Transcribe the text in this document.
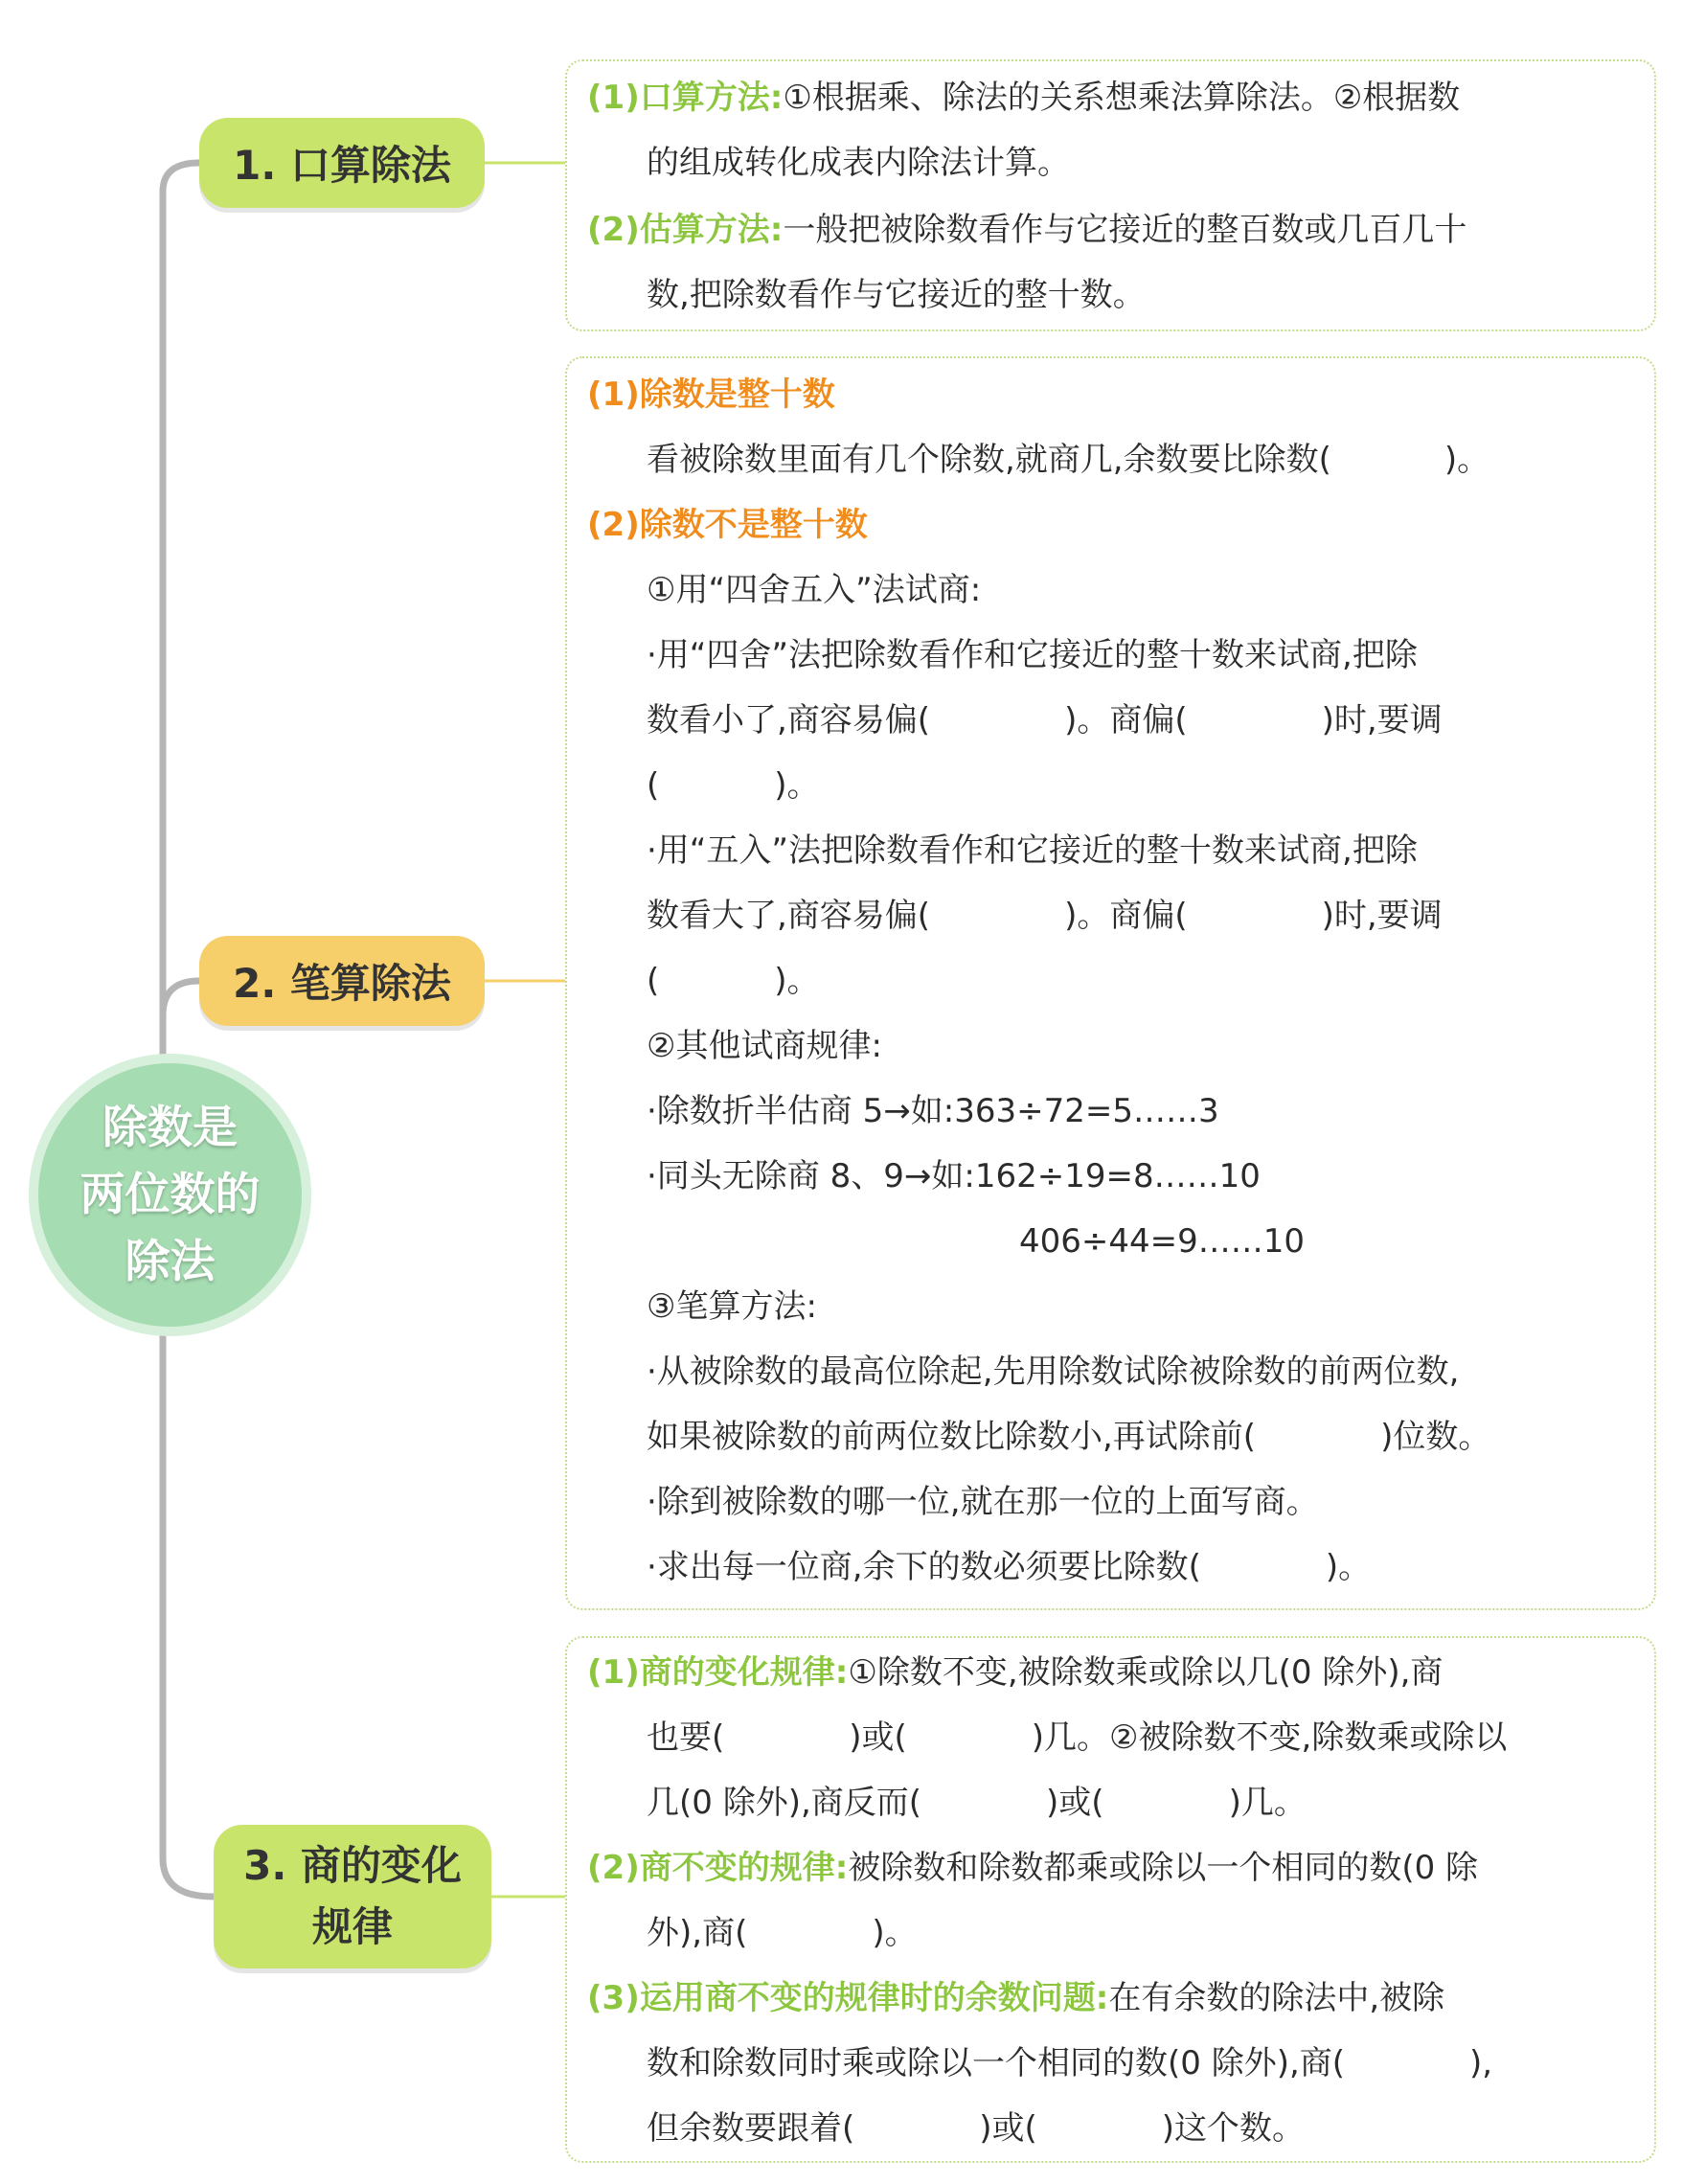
除数是
两位数的
除法
1. 口算除法
2. 笔算除法
3. 商的变化
规律
(1)口算方法:①根据乘、除法的关系想乘法算除法。②根据数
的组成转化成表内除法计算。
(2)估算方法:一般把被除数看作与它接近的整百数或几百几十
数,把除数看作与它接近的整十数。
(1)除数是整十数
看被除数里面有几个除数,就商几,余数要比除数(	)。
(2)除数不是整十数
①用“四舍五入”法试商:
·用“四舍”法把除数看作和它接近的整十数来试商,把除
数看小了,商容易偏(	)。商偏(	)时,要调
(	)。
·用“五入”法把除数看作和它接近的整十数来试商,把除
数看大了,商容易偏(	)。商偏(	)时,要调
(	)。
②其他试商规律:
·除数折半估商 5→如:363÷72=5……3
·同头无除商 8、9→如:162÷19=8……10
406÷44=9……10
③笔算方法:
·从被除数的最高位除起,先用除数试除被除数的前两位数,
如果被除数的前两位数比除数小,再试除前(	)位数。
·除到被除数的哪一位,就在那一位的上面写商。
·求出每一位商,余下的数必须要比除数(	)。
(1)商的变化规律:①除数不变,被除数乘或除以几(0 除外),商
也要(	)或(	)几。②被除数不变,除数乘或除以
几(0 除外),商反而(	)或(	)几。
(2)商不变的规律:被除数和除数都乘或除以一个相同的数(0 除
外),商(	)。
(3)运用商不变的规律时的余数问题:在有余数的除法中,被除
数和除数同时乘或除以一个相同的数(0 除外),商(	),
但余数要跟着(	)或(	)这个数。
